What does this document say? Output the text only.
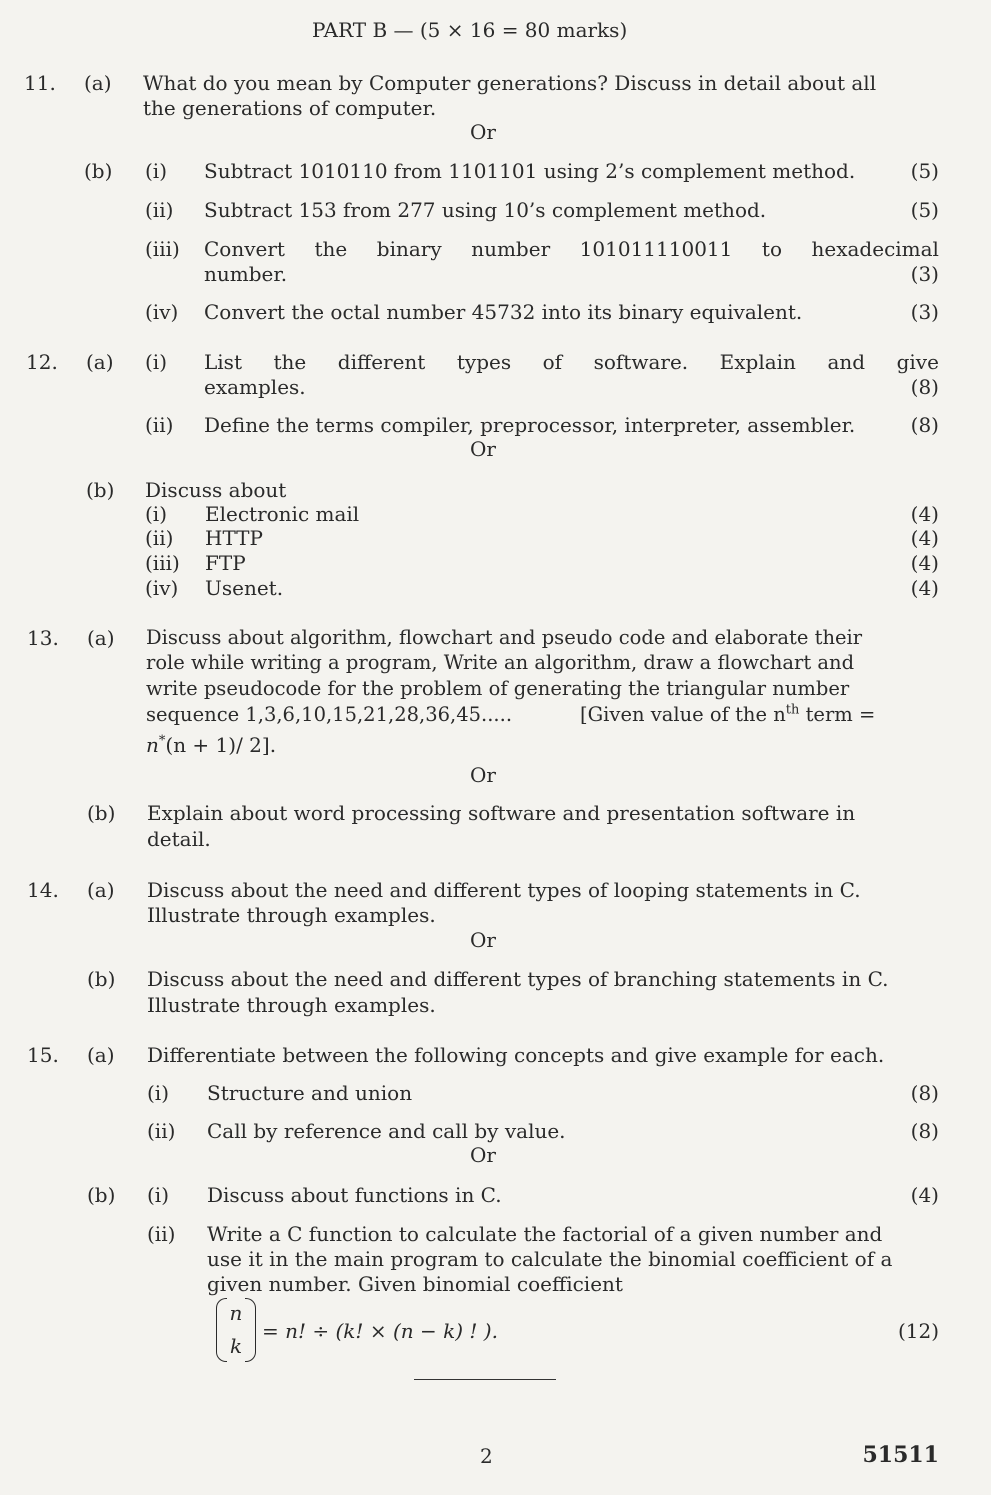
PART B — (5 × 16 = 80 marks)
11. (a) What do you mean by Computer generations? Discuss in detail about all
the generations of computer.
Or
(b) (i) Subtract 1010110 from 1101101 using 2’s complement method.	(5)
(ii) Subtract 153 from 277 using 10’s complement method.	(5)
(iii) Convert the binary number 101011110011 to hexadecimal
number.	(3)
(iv) Convert the octal number 45732 into its binary equivalent.	(3)
12. (a) (i) List the different types of software. Explain and give
examples.	(8)
(ii) Define the terms compiler, preprocessor, interpreter, assembler.	(8)
Or
(b) Discuss about
(i) Electronic mail	(4)
(ii) HTTP	(4)
(iii) FTP	(4)
(iv) Usenet.	(4)
13. (a) Discuss about algorithm, flowchart and pseudo code and elaborate their
role while writing a program, Write an algorithm, draw a flowchart and
write pseudocode for the problem of generating the triangular number
sequence 1,3,6,10,15,21,28,36,45.....	[Given value of the $n^{th}$ term =
n*(n + 1)/ 2].
Or
(b) Explain about word processing software and presentation software in
detail.
14. (a) Discuss about the need and different types of looping statements in C.
Illustrate through examples.
Or
(b) Discuss about the need and different types of branching statements in C.
Illustrate through examples.
15. (a) Differentiate between the following concepts and give example for each.
(i) Structure and union	(8)
(ii) Call by reference and call by value.	(8)
Or
(b) (i) Discuss about functions in C.	(4)
(ii) Write a C function to calculate the factorial of a given number and
use it in the main program to calculate the binomial coefficient of a
given number. Given binomial coefficient
n
k
= n! ÷ (k! × (n − k) ! ).	(12)
2	51511
